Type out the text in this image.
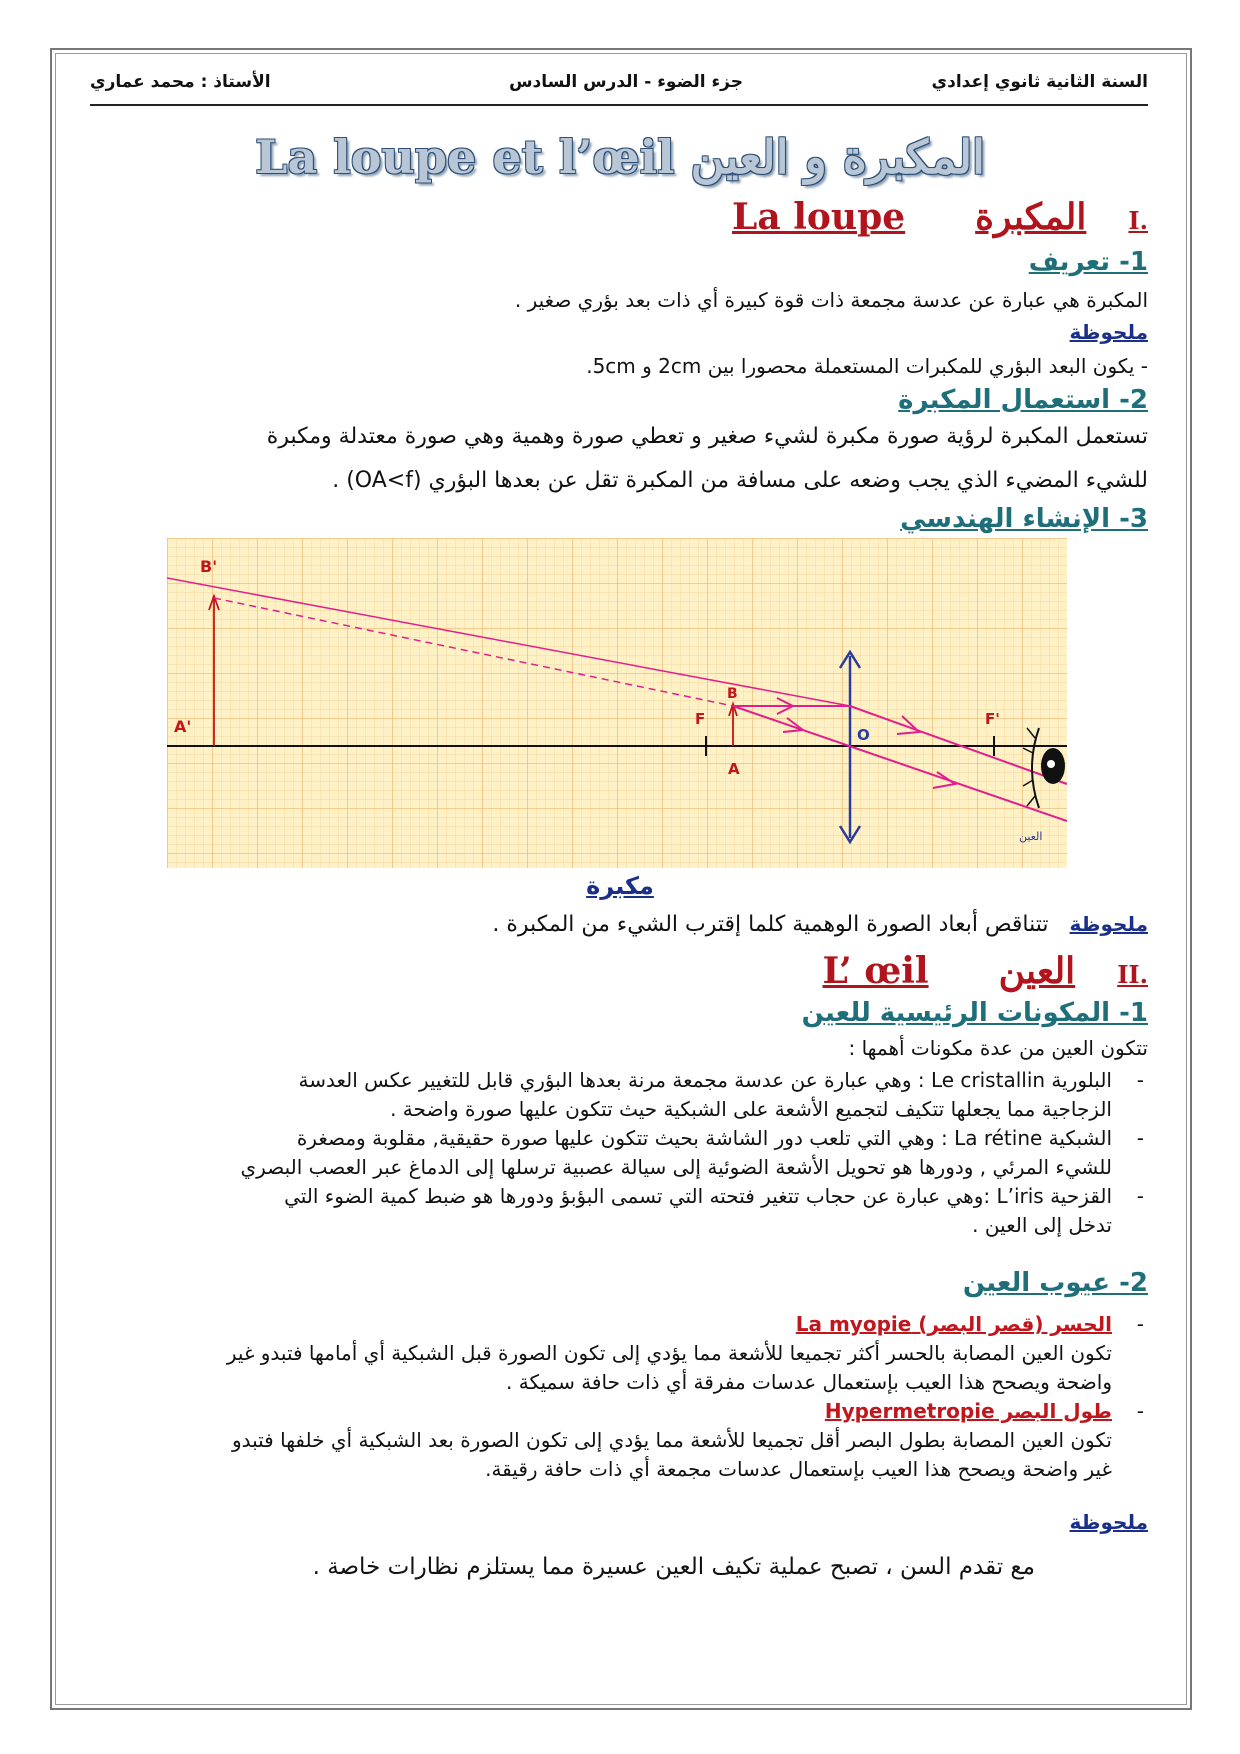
السنة الثانية ثانوي إعدادي
جزء الضوء - الدرس السادس
الأستاذ : محمد عماري
La loupe et l’œil المكبرة و العين
.IالمكبرةLa loupe
1- تعريف
المكبرة هي عبارة عن عدسة مجمعة ذات قوة كبيرة أي ذات بعد بؤري صغير .
ملحوظة
- يكون البعد البؤري للمكبرات المستعملة محصورا بين 2cm و 5cm.
2- استعمال المكبرة
تستعمل المكبرة لرؤية صورة مكبرة لشيء صغير و تعطي صورة وهمية وهي صورة معتدلة ومكبرة
للشيء المضيء الذي يجب وضعه على مسافة من المكبرة تقل عن بعدها البؤري (OA<f) .
3- الإنشاء الهندسي
B'
A'	F
B
A
O
F'
العين
مكبرة
ملحوظة   تتناقص أبعاد الصورة الوهمية كلما إقترب الشيء من المكبرة .
.IIالعينL’ œil
1- المكونات الرئيسية للعين
تتكون العين من عدة مكونات أهمها :
- البلورية Le cristallin : وهي عبارة عن عدسة مجمعة مرنة بعدها البؤري قابل للتغيير عكس العدسة
الزجاجية مما يجعلها تتكيف لتجميع الأشعة على الشبكية حيث تتكون عليها صورة واضحة .
- الشبكية La rétine : وهي التي تلعب دور الشاشة بحيث تتكون عليها صورة حقيقية, مقلوبة ومصغرة
للشيء المرئي , ودورها هو تحويل الأشعة الضوئية إلى سيالة عصبية ترسلها إلى الدماغ عبر العصب البصري
- القزحية L’iris :وهي عبارة عن حجاب تتغير فتحته التي تسمى البؤبؤ ودورها هو ضبط كمية الضوء التي
تدخل إلى العين .
2- عيوب العين
- الحسر (قصر البصر) La myopie
تكون العين المصابة بالحسر أكثر تجميعا للأشعة مما يؤدي إلى تكون الصورة قبل الشبكية أي أمامها فتبدو غير
واضحة ويصحح هذا العيب بإستعمال عدسات مفرقة أي ذات حافة سميكة .
- طول البصر Hypermetropie
تكون العين المصابة بطول البصر أقل تجميعا للأشعة مما يؤدي إلى تكون الصورة بعد الشبكية أي خلفها فتبدو
غير واضحة ويصحح هذا العيب بإستعمال عدسات مجمعة أي ذات حافة رقيقة.
ملحوظة
مع تقدم السن ، تصبح عملية تكيف العين عسيرة مما يستلزم نظارات خاصة .
